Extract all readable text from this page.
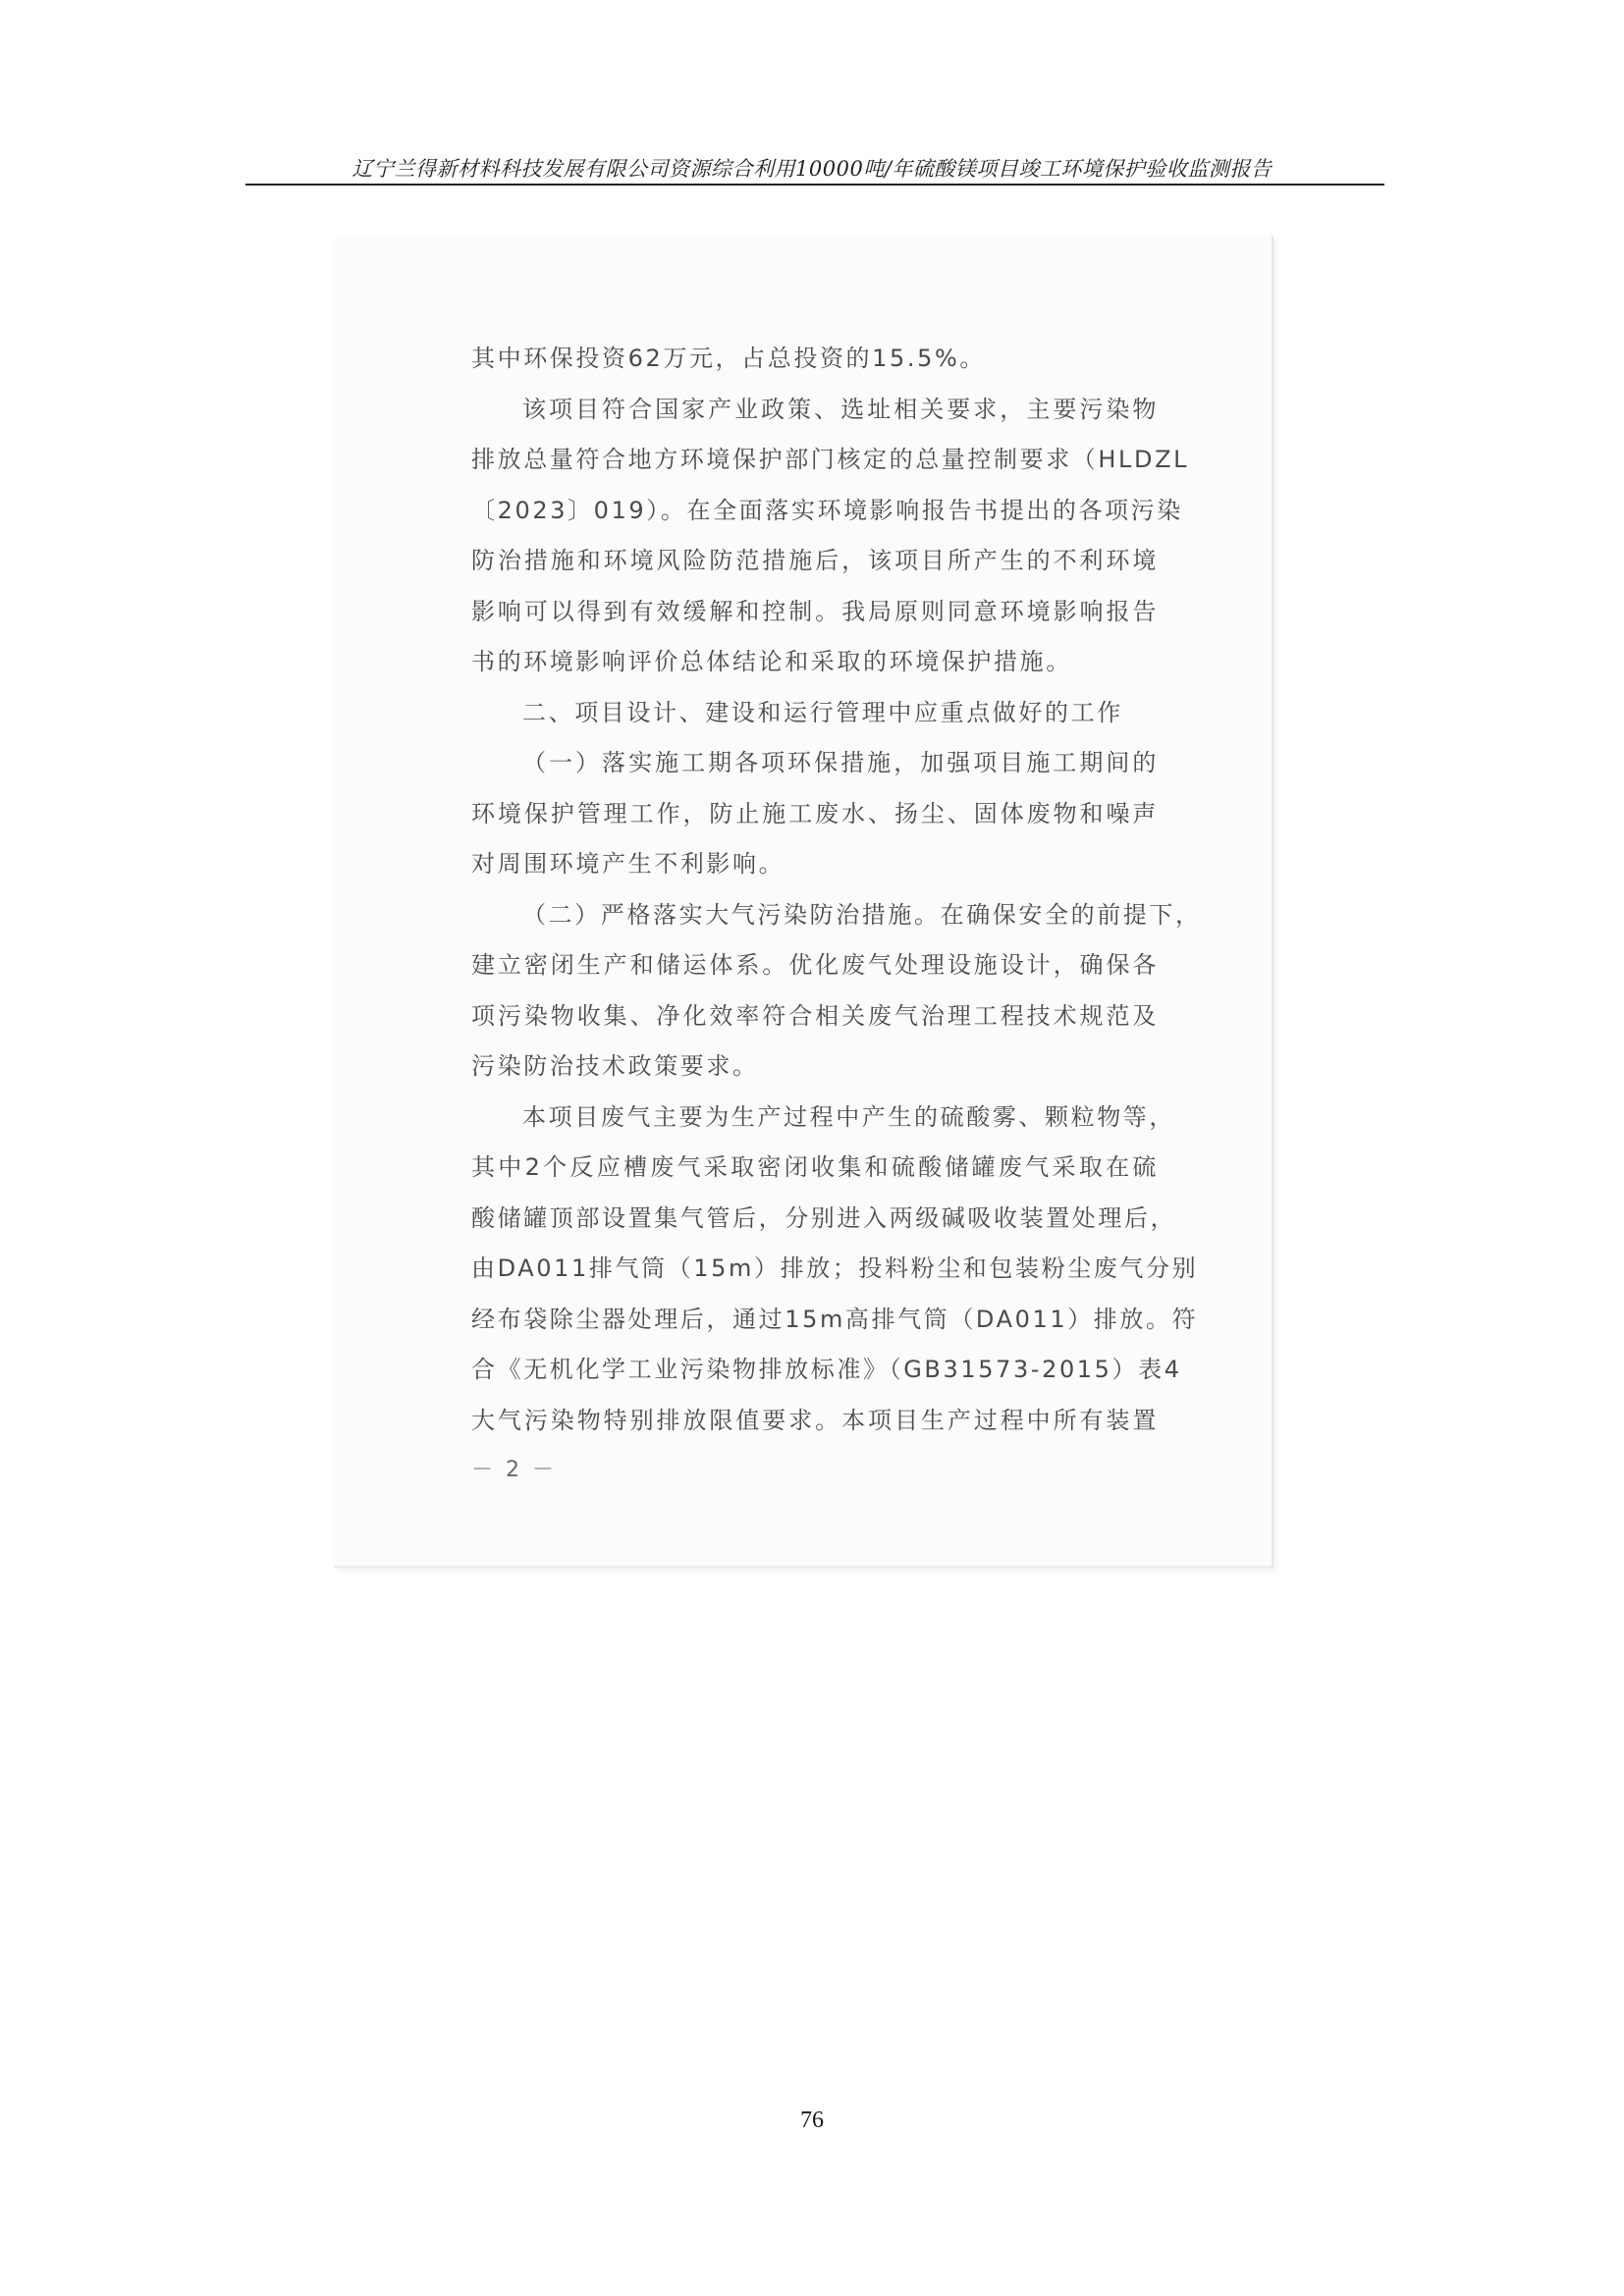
辽宁兰得新材料科技发展有限公司资源综合利用10000吨/年硫酸镁项目竣工环境保护验收监测报告
其中环保投资62万元，占总投资的15.5%。
该项目符合国家产业政策、选址相关要求，主要污染物
排放总量符合地方环境保护部门核定的总量控制要求（HLDZL
〔2023〕019）。在全面落实环境影响报告书提出的各项污染
防治措施和环境风险防范措施后，该项目所产生的不利环境
影响可以得到有效缓解和控制。我局原则同意环境影响报告
书的环境影响评价总体结论和采取的环境保护措施。
二、项目设计、建设和运行管理中应重点做好的工作
（一）落实施工期各项环保措施，加强项目施工期间的
环境保护管理工作，防止施工废水、扬尘、固体废物和噪声
对周围环境产生不利影响。
（二）严格落实大气污染防治措施。在确保安全的前提下，
建立密闭生产和储运体系。优化废气处理设施设计，确保各
项污染物收集、净化效率符合相关废气治理工程技术规范及
污染防治技术政策要求。
本项目废气主要为生产过程中产生的硫酸雾、颗粒物等，
其中2个反应槽废气采取密闭收集和硫酸储罐废气采取在硫
酸储罐顶部设置集气管后，分别进入两级碱吸收装置处理后，
由DA011排气筒（15m）排放；投料粉尘和包装粉尘废气分别
经布袋除尘器处理后，通过15m高排气筒（DA011）排放。符
合《无机化学工业污染物排放标准》（GB31573-2015）表4
大气污染物特别排放限值要求。本项目生产过程中所有装置
－ 2 －
76
